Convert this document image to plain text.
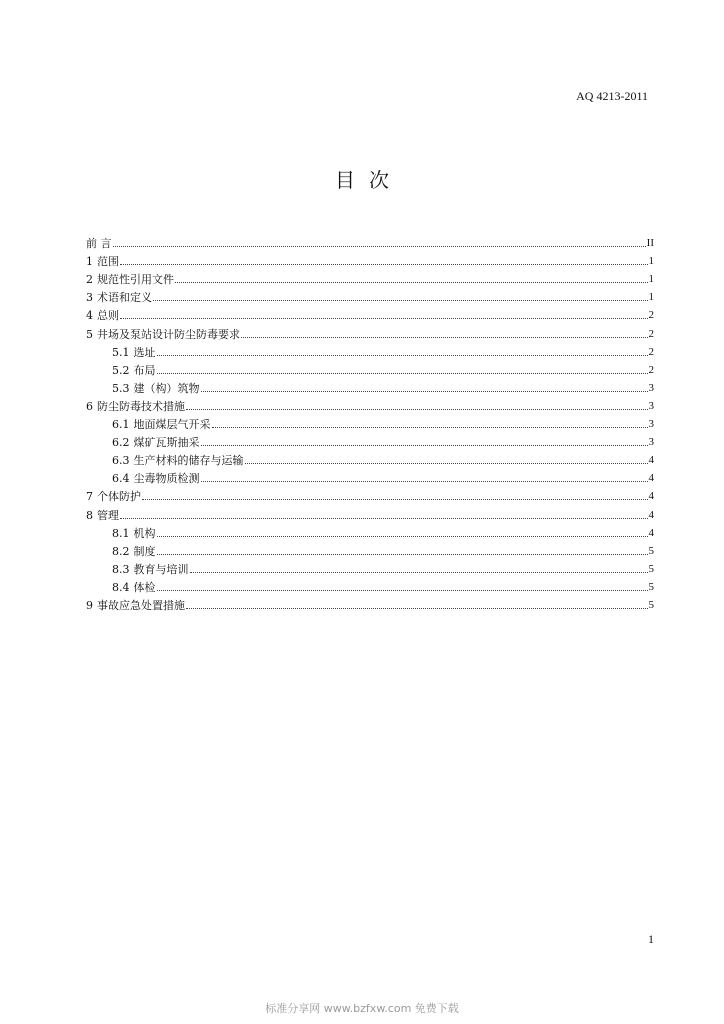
AQ 4213-2011
目次
前 言	II
1 范围	1
2 规范性引用文件	1
3 术语和定义	1
4 总则	2
5 井场及泵站设计防尘防毒要求	2
5.1 选址	2
5.2 布局	2
5.3 建（构）筑物	3
6 防尘防毒技术措施	3
6.1 地面煤层气开采	3
6.2 煤矿瓦斯抽采	3
6.3 生产材料的储存与运输	4
6.4 尘毒物质检测	4
7 个体防护	4
8 管理	4
8.1 机构	4
8.2 制度	5
8.3 教育与培训	5
8.4 体检	5
9 事故应急处置措施	5
1
标准分享网 www.bzfxw.com 免费下载
